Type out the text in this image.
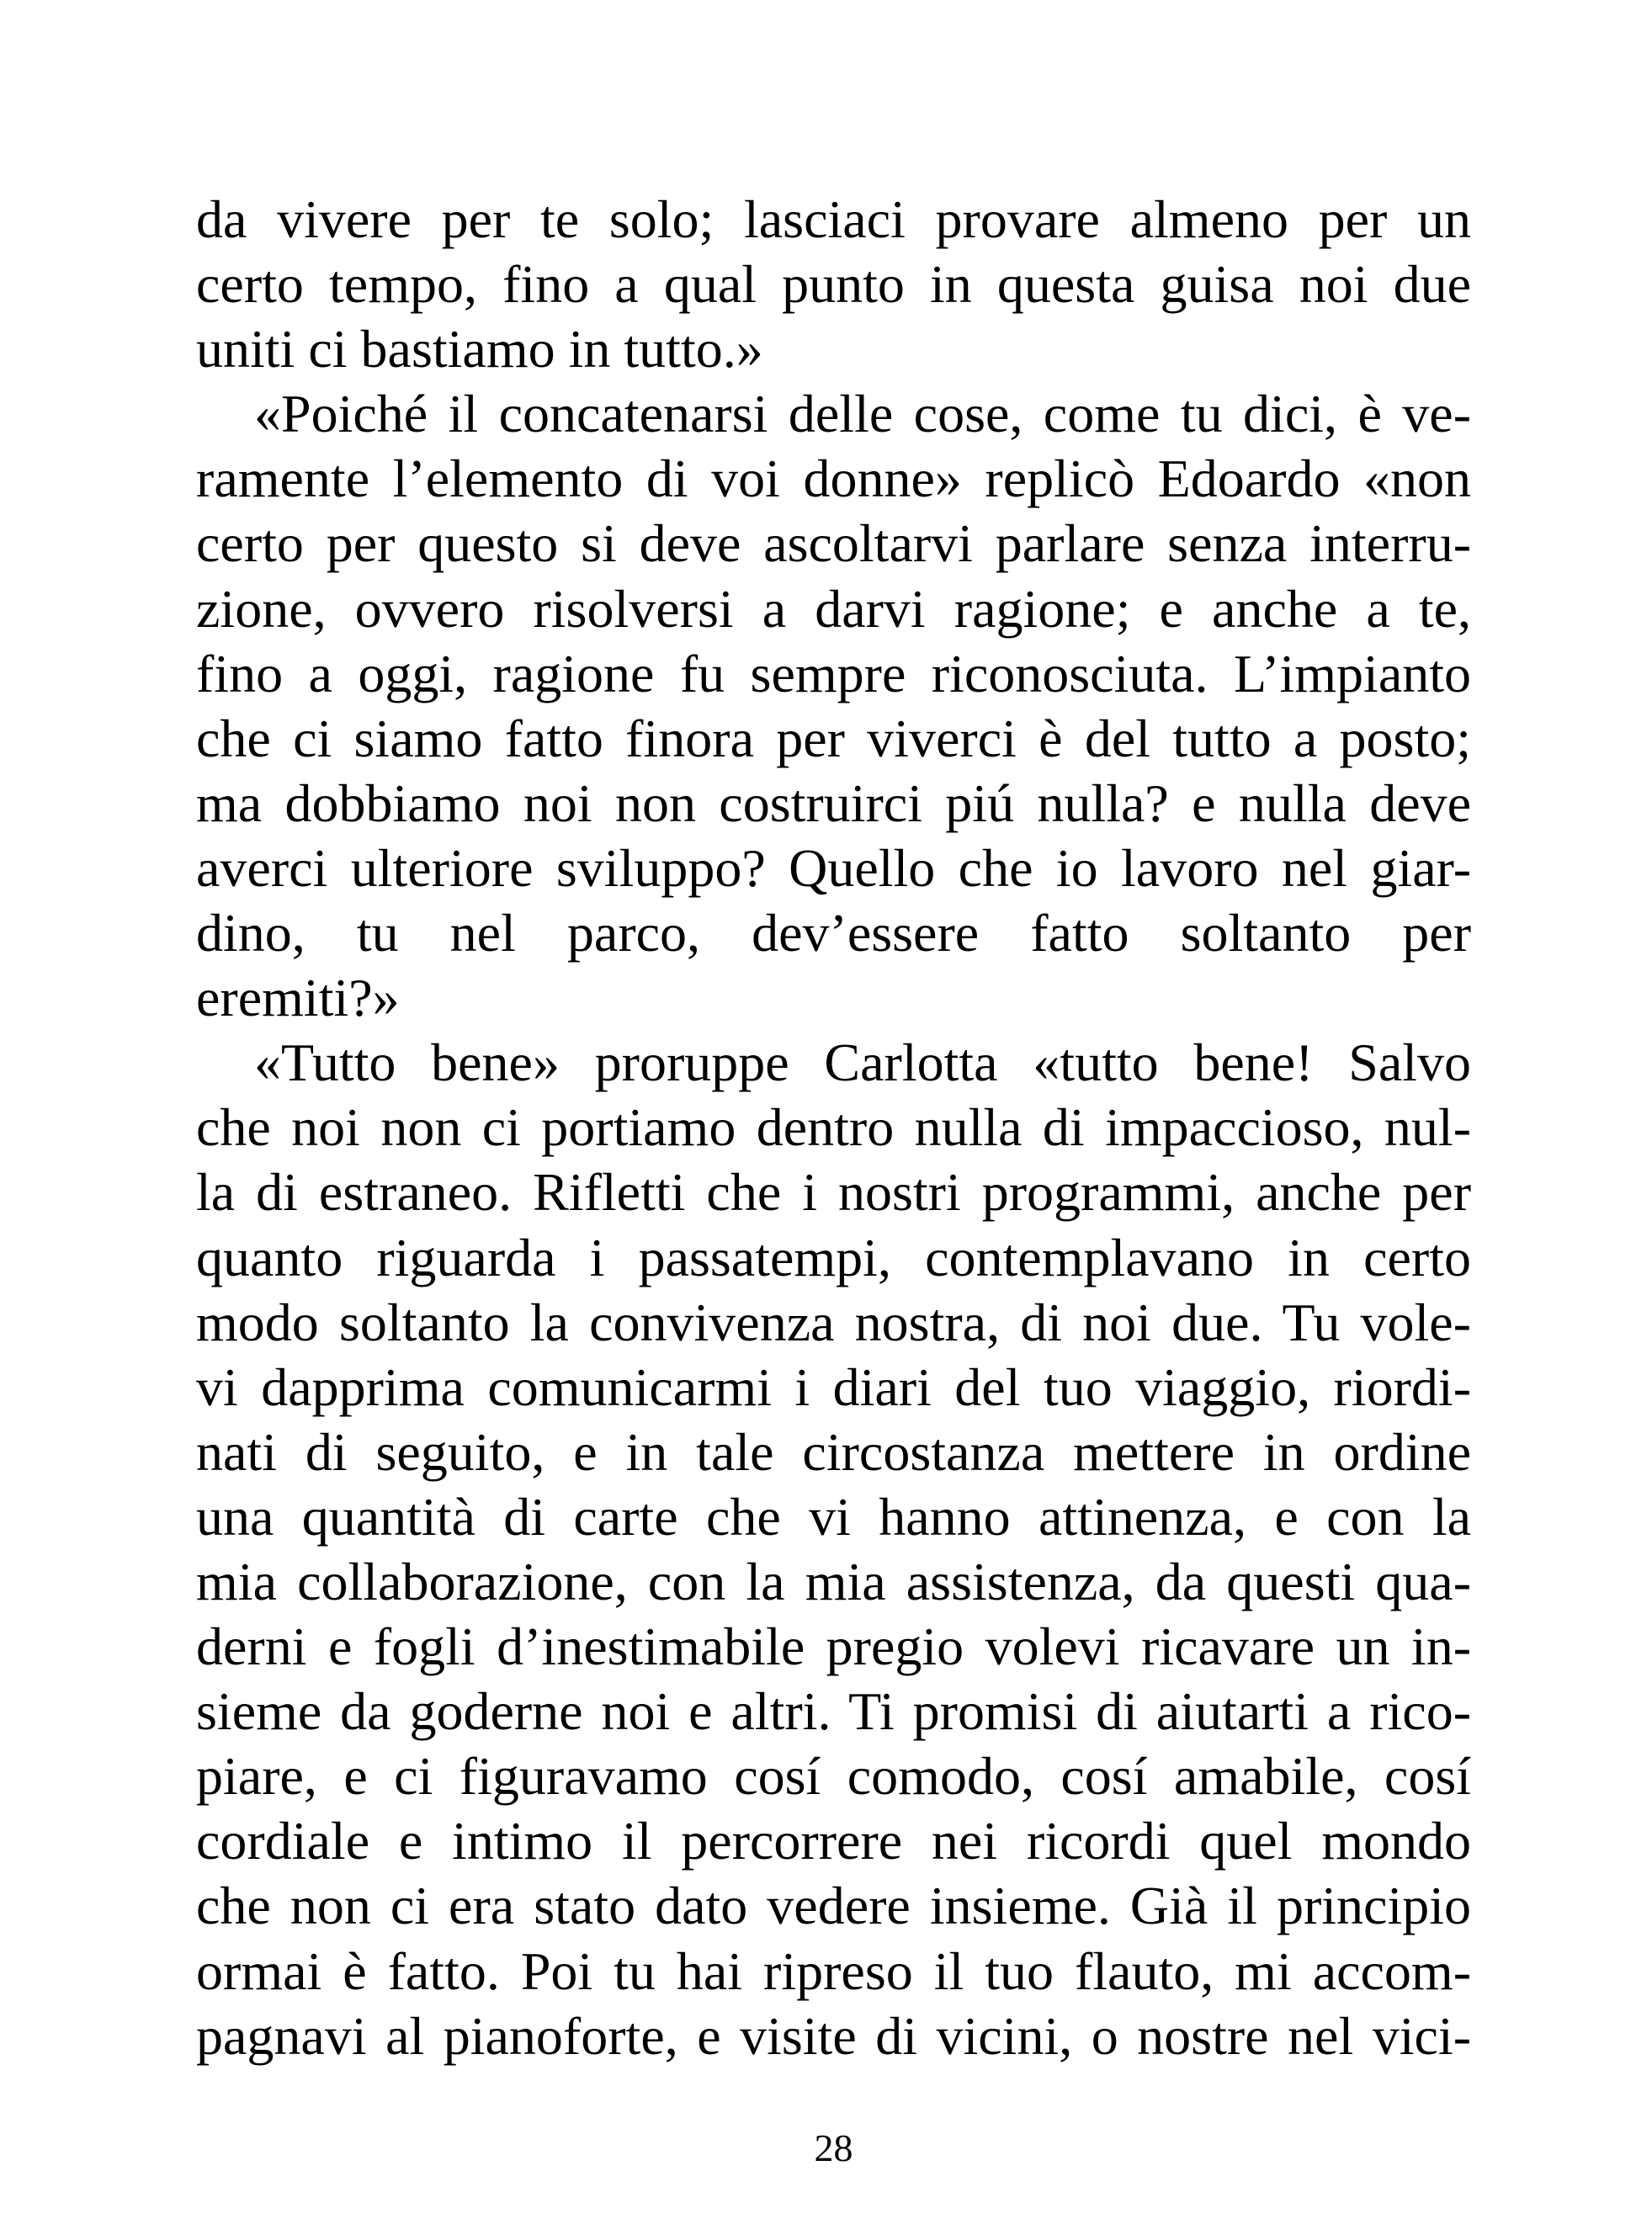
da vivere per te solo; lasciaci provare almeno per un
certo tempo, fino a qual punto in questa guisa noi due
uniti ci bastiamo in tutto.»
«Poiché il concatenarsi delle cose, come tu dici, è ve-
ramente l’elemento di voi donne» replicò Edoardo «non
certo per questo si deve ascoltarvi parlare senza interru-
zione, ovvero risolversi a darvi ragione; e anche a te,
fino a oggi, ragione fu sempre riconosciuta. L’impianto
che ci siamo fatto finora per viverci è del tutto a posto;
ma dobbiamo noi non costruirci piú nulla? e nulla deve
averci ulteriore sviluppo? Quello che io lavoro nel giar-
dino, tu nel parco, dev’essere fatto soltanto per
eremiti?»
«Tutto bene» proruppe Carlotta «tutto bene! Salvo
che noi non ci portiamo dentro nulla di impaccioso, nul-
la di estraneo. Rifletti che i nostri programmi, anche per
quanto riguarda i passatempi, contemplavano in certo
modo soltanto la convivenza nostra, di noi due. Tu vole-
vi dapprima comunicarmi i diari del tuo viaggio, riordi-
nati di seguito, e in tale circostanza mettere in ordine
una quantità di carte che vi hanno attinenza, e con la
mia collaborazione, con la mia assistenza, da questi qua-
derni e fogli d’inestimabile pregio volevi ricavare un in-
sieme da goderne noi e altri. Ti promisi di aiutarti a rico-
piare, e ci figuravamo cosí comodo, cosí amabile, cosí
cordiale e intimo il percorrere nei ricordi quel mondo
che non ci era stato dato vedere insieme. Già il principio
ormai è fatto. Poi tu hai ripreso il tuo flauto, mi accom-
pagnavi al pianoforte, e visite di vicini, o nostre nel vici-
28
